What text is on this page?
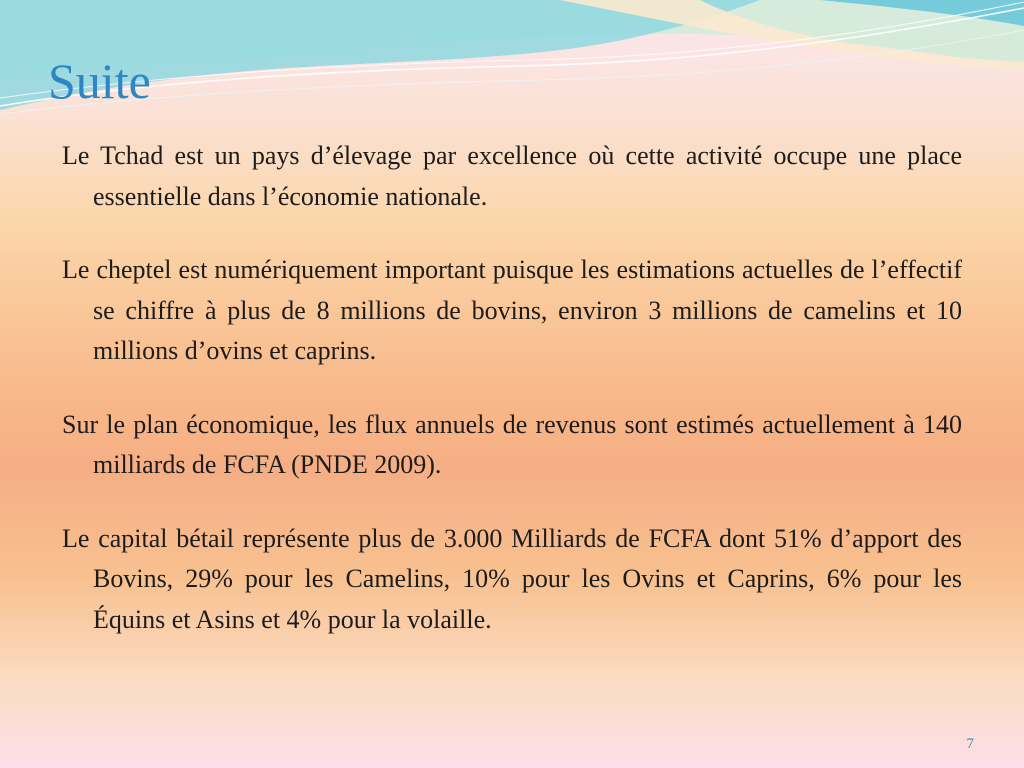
Suite

Le Tchad est un pays d’élevage par excellence où cette activité occupe une place essentielle dans l’économie nationale.

Le cheptel est numériquement important puisque les estimations actuelles de l’effectif se chiffre à plus de 8 millions de bovins, environ 3 millions de camelins et 10 millions d’ovins et caprins.

Sur le plan économique, les flux annuels de revenus sont estimés actuellement à 140 milliards de FCFA (PNDE 2009).

Le capital bétail représente plus de 3.000 Milliards de FCFA dont 51% d’apport des Bovins, 29% pour les Camelins, 10% pour les Ovins et Caprins, 6% pour les Équins et Asins et 4% pour la volaille.

7
